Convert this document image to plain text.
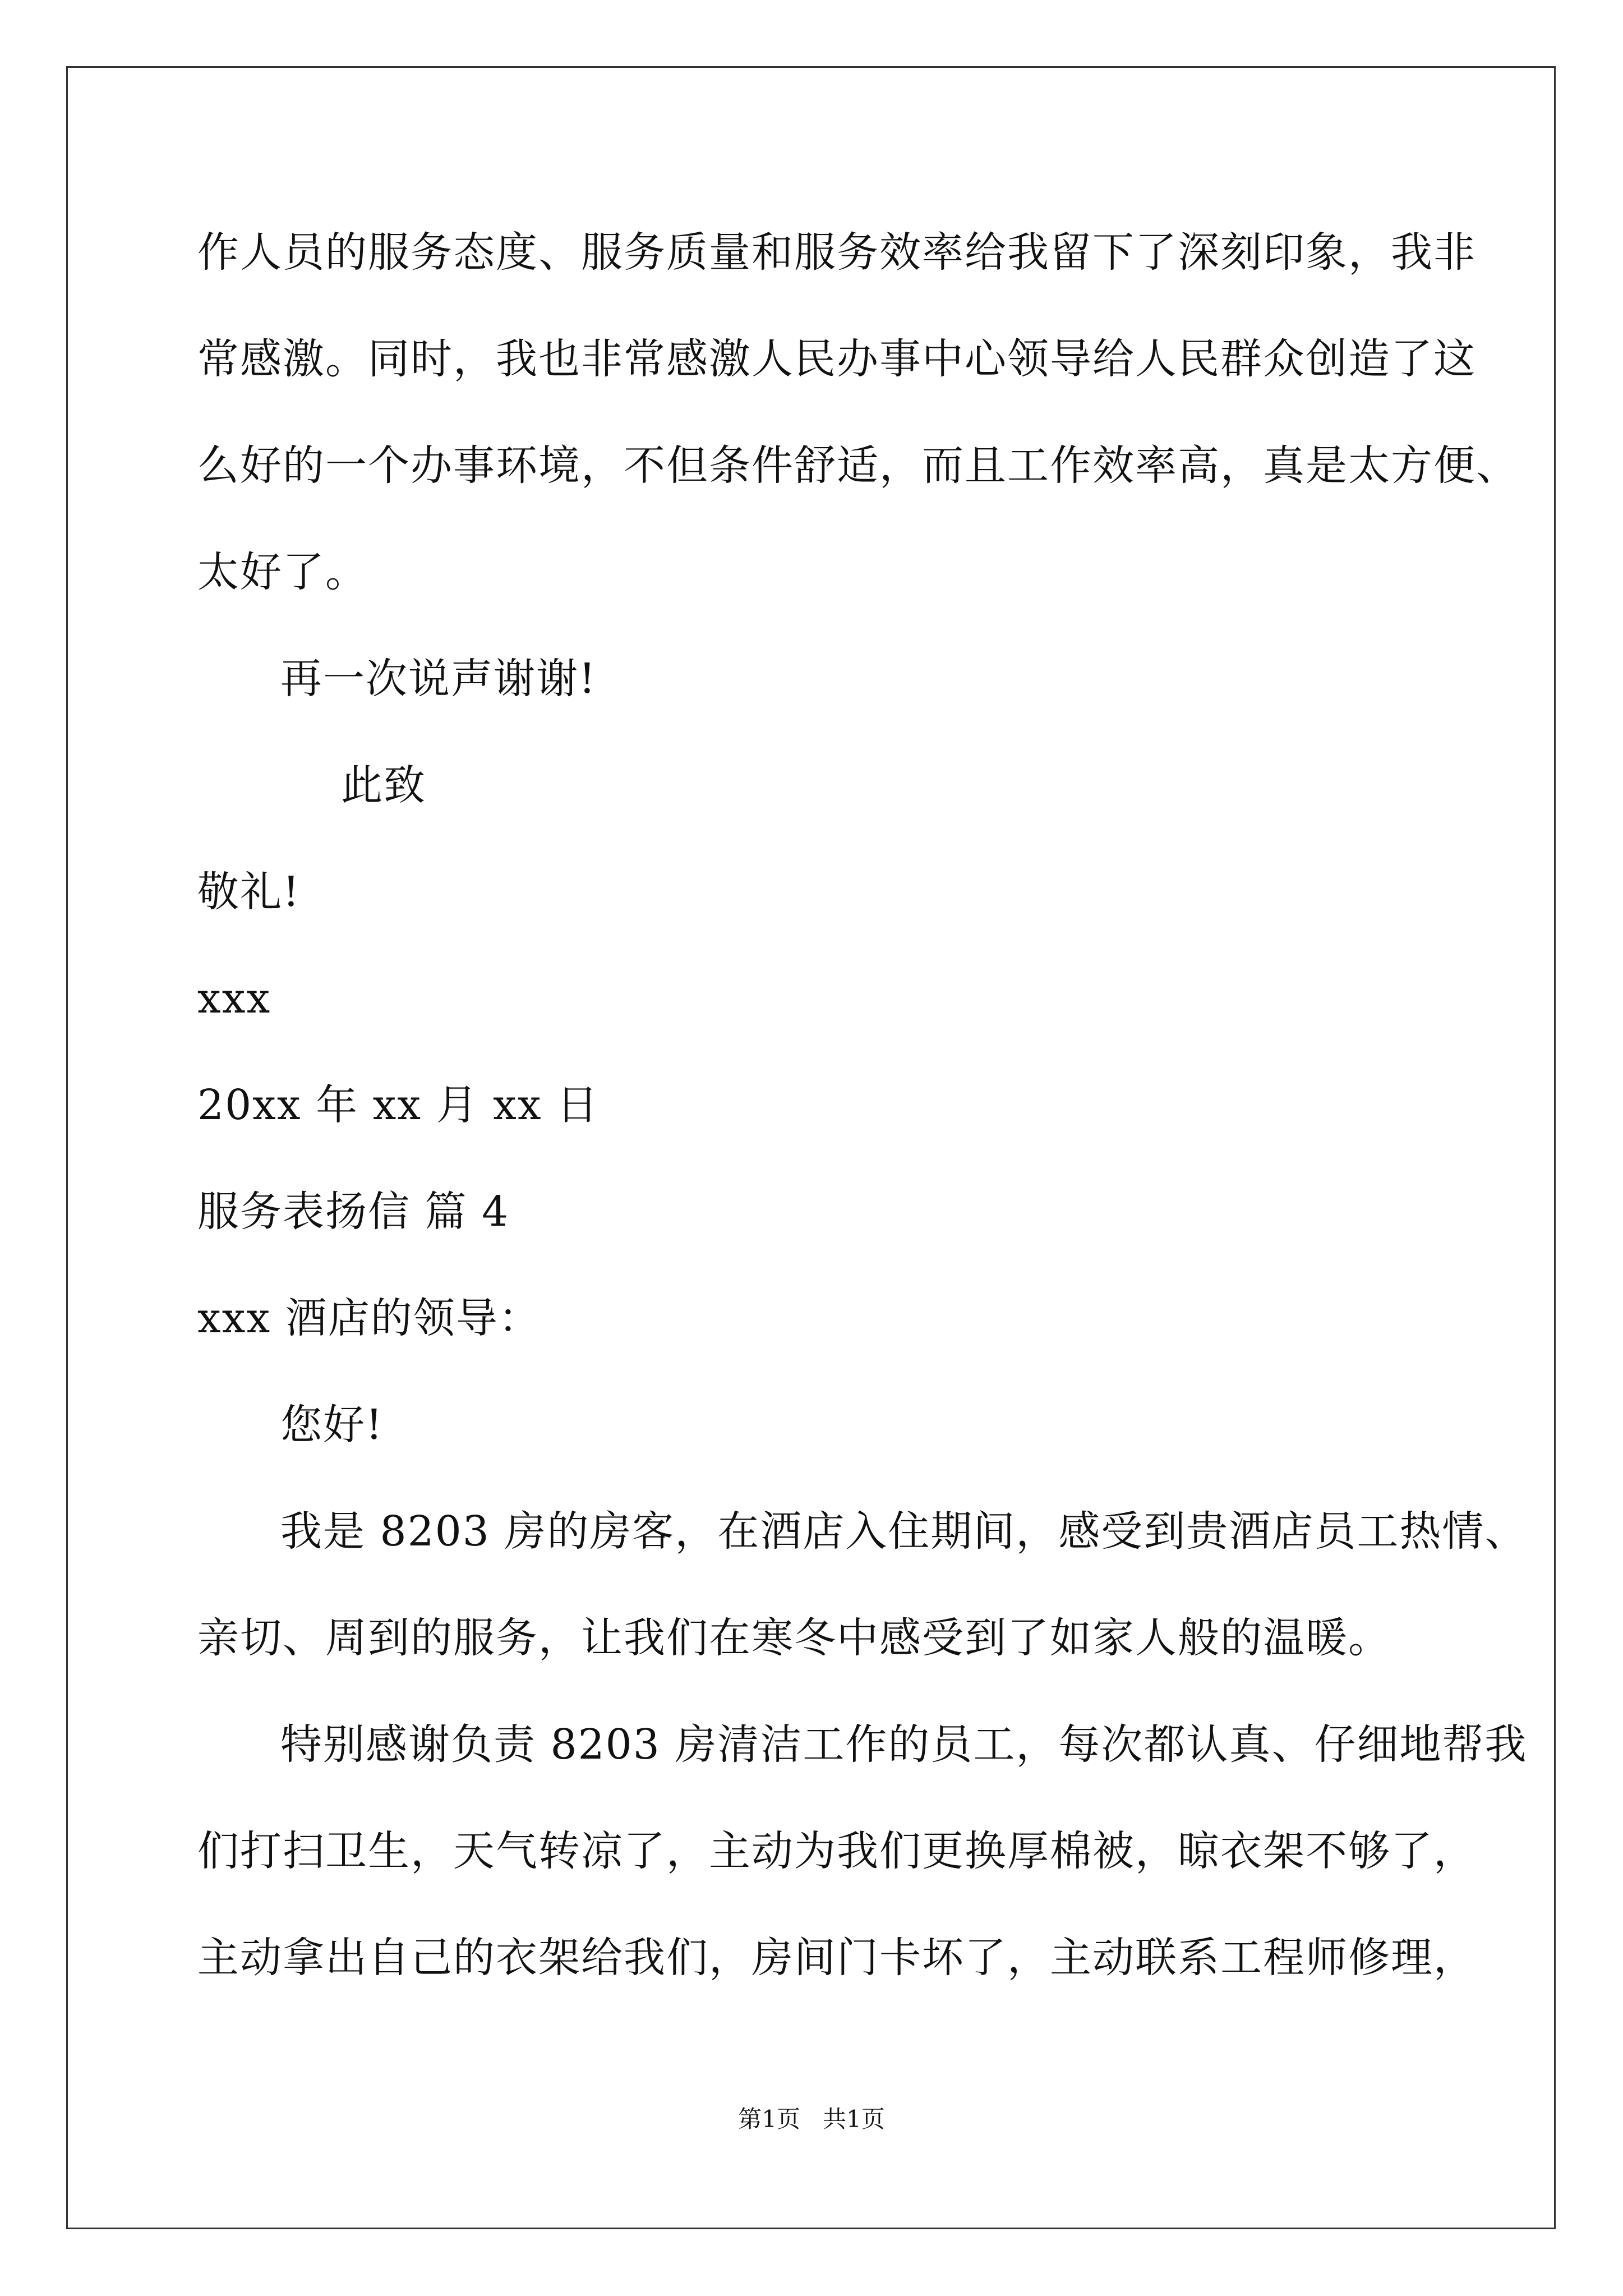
作人员的服务态度、服务质量和服务效率给我留下了深刻印象，我非
常感激。同时，我也非常感激人民办事中心领导给人民群众创造了这
么好的一个办事环境，不但条件舒适，而且工作效率高，真是太方便、
太好了。
再一次说声谢谢!
此致
敬礼!
xxx
20xx 年 xx 月 xx 日
服务表扬信 篇 4
xxx 酒店的领导：
您好!
我是 8203 房的房客，在酒店入住期间，感受到贵酒店员工热情、
亲切、周到的服务，让我们在寒冬中感受到了如家人般的温暖。
特别感谢负责 8203 房清洁工作的员工，每次都认真、仔细地帮我
们打扫卫生，天气转凉了，主动为我们更换厚棉被，晾衣架不够了，
主动拿出自己的衣架给我们，房间门卡坏了，主动联系工程师修理，
第1页   共1页
